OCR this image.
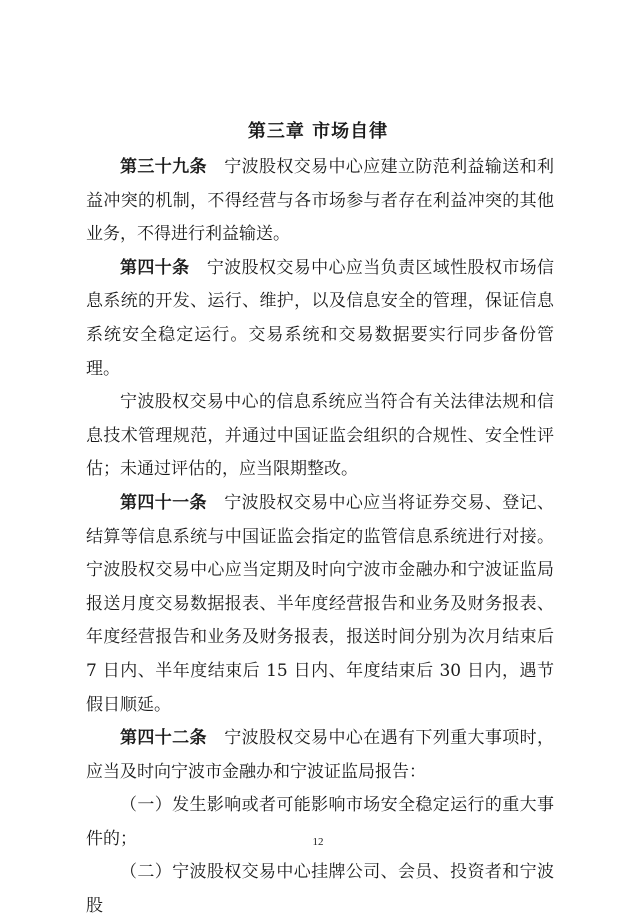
第三章 市场自律

第三十九条　 宁波股权交易中心应建立防范利益输送和利益冲突的机制，不得经营与各市场参与者存在利益冲突的其他业务，不得进行利益输送。

第四十条　 宁波股权交易中心应当负责区域性股权市场信息系统的开发、运行、维护，以及信息安全的管理，保证信息系统安全稳定运行。交易系统和交易数据要实行同步备份管理。

宁波股权交易中心的信息系统应当符合有关法律法规和信息技术管理规范，并通过中国证监会组织的合规性、安全性评估；未通过评估的，应当限期整改。

第四十一条　 宁波股权交易中心应当将证券交易、登记、结算等信息系统与中国证监会指定的监管信息系统进行对接。宁波股权交易中心应当定期及时向宁波市金融办和宁波证监局报送月度交易数据报表、半年度经营报告和业务及财务报表、年度经营报告和业务及财务报表，报送时间分别为次月结束后 7 日内、半年度结束后 15 日内、年度结束后 30 日内，遇节假日顺延。

第四十二条　 宁波股权交易中心在遇有下列重大事项时，应当及时向宁波市金融办和宁波证监局报告：

（一）发生影响或者可能影响市场安全稳定运行的重大事件的；

（二）宁波股权交易中心挂牌公司、会员、投资者和宁波股

12
